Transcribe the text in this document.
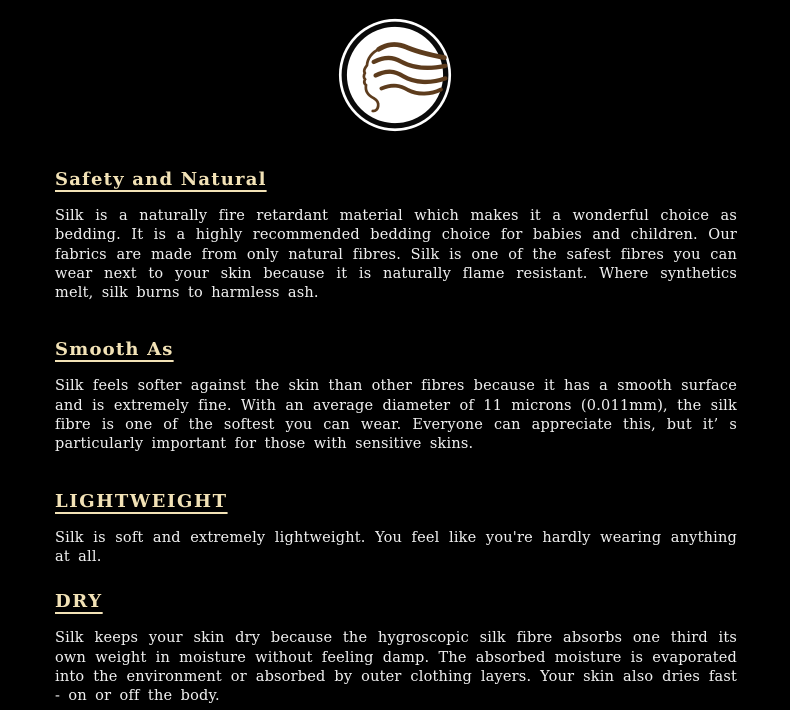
Safety and Natural

Silk is a naturally fire retardant material which makes it a wonderful choice as bedding. It is a highly recommended bedding choice for babies and children. Our fabrics are made from only natural fibres. Silk is one of the safest fibres you can wear next to your skin because it is naturally flame resistant. Where synthetics melt, silk burns to harmless ash.

Smooth As

Silk feels softer against the skin than other fibres because it has a smooth surface and is extremely fine. With an average diameter of 11 microns (0.011mm), the silk fibre is one of the softest you can wear. Everyone can appreciate this, but it’ s particularly important for those with sensitive skins.

LIGHTWEIGHT

Silk is soft and extremely lightweight. You feel like you're hardly wearing anything at all.

DRY

Silk keeps your skin dry because the hygroscopic silk fibre absorbs one third its own weight in moisture without feeling damp. The absorbed moisture is evaporated into the environment or absorbed by outer clothing layers. Your skin also dries fast - on or off the body.
